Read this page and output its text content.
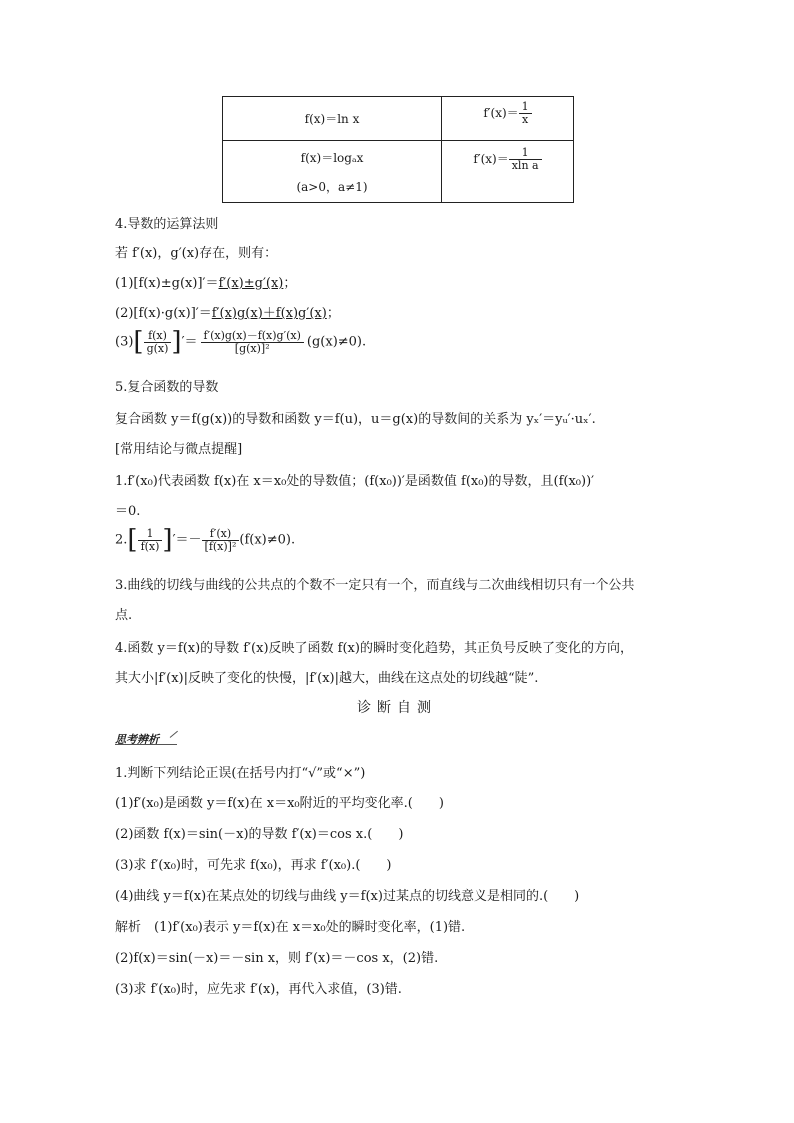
f(x)＝ln x	$f'(x)= \frac{1}{x}$
f(x)＝logₐx
(a>0，a≠1)
$f'(x)= \frac{1}{\text{xln a}}$
4.导数的运算法则
若 f′(x)，g′(x)存在，则有：
(1)[f(x)±g(x)]′＝f′(x)±g′(x)；
(2)[f(x)·g(x)]′＝f′(x)g(x)＋f(x)g′(x)；
$(3)[ \frac{f(x)}{g(x)}$ ]′＝ $\frac{f'(x)g(x)-f(x)g'(x)}{\text{[g(x)]²}} (g(x)\ne 0)$.
5.复合函数的导数
复合函数 y＝f(g(x))的导数和函数 y＝f(u)，u＝g(x)的导数间的关系为 yₓ′＝yᵤ′·uₓ′.
[常用结论与微点提醒]
1.f′(x₀)代表函数 f(x)在 x＝x₀处的导数值；(f(x₀))′是函数值 f(x₀)的导数，且(f(x₀))′
＝0.
$2.[ \frac{1}{f(x)}$ ]′＝－ $\frac{f'(x)}{\text{[f(x)]²}} (f(x)\ne 0)$.
3.曲线的切线与曲线的公共点的个数不一定只有一个，而直线与二次曲线相切只有一个公共
点.
4.函数 y＝f(x)的导数 f′(x)反映了函数 f(x)的瞬时变化趋势，其正负号反映了变化的方向，
其大小|f′(x)|反映了变化的快慢，|f′(x)|越大，曲线在这点处的切线越“陡”.
诊断自测
思考辨析
1.判断下列结论正误(在括号内打“√”或“×”)
(1)f′(x₀)是函数 y＝f(x)在 x＝x₀附近的平均变化率.(　　)
(2)函数 f(x)＝sin(－x)的导数 f′(x)＝cos x.(　　)
(3)求 f′(x₀)时，可先求 f(x₀)，再求 f′(x₀).(　　)
(4)曲线 y＝f(x)在某点处的切线与曲线 y＝f(x)过某点的切线意义是相同的.(　　)
解析　(1)f′(x₀)表示 y＝f(x)在 x＝x₀处的瞬时变化率，(1)错.
(2)f(x)＝sin(－x)＝－sin x，则 f′(x)＝－cos x，(2)错.
(3)求 f′(x₀)时，应先求 f′(x)，再代入求值，(3)错.
